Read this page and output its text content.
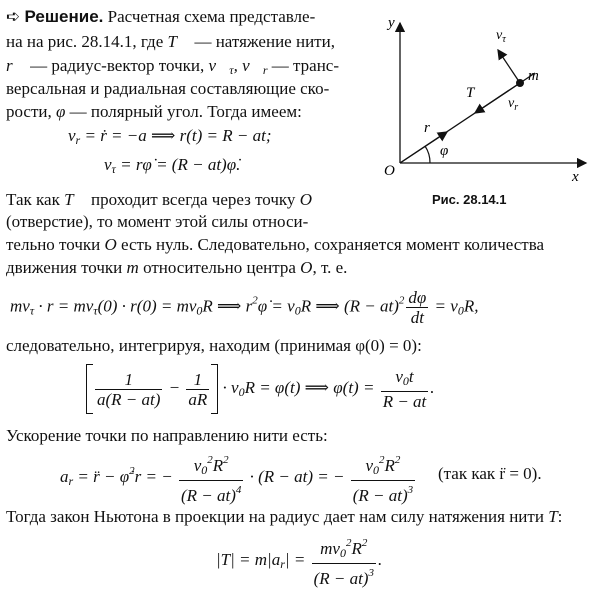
➪ Решение. Расчетная схема представле-
на на рис. 28.14.1, где T⃗ — натяжение нити,
r⃗ — радиус-вектор точки, $v⃗_\tau$, $v⃗_r$ — транс-
версальная и радиальная составляющие ско-
рости, φ — полярный угол. Тогда имеем:
$v_r$ = ṙ = −a ⟹ r(t) = R − at;
$v_\tau$ = rφ̇ = (R − at)φ̇.
y
x
O
m
$v_\tau$
$v_r$
T
r
φ
Рис. 28.14.1
Так как T⃗ проходит всегда через точку O
(отверстие), то момент этой силы относи-
тельно точки O есть нуль. Следовательно, сохраняется момент количества
движения точки m относительно центра O, т. е.
$mv_\tau \cdot r = mv_\tau(0) \cdot r(0) = mv_0R$ ⟹ $r^2\varphi̇ = v_0R$ ⟹ $(R - at)^2 \frac{d\varphi}{dt} = v_0R$,
следовательно, интегрируя, находим (принимая φ(0) = 0):
$\frac{1}{a(R - at)} - \frac{1}{aR} \cdot v_0R = \varphi(t)$ ⟹ $\varphi(t) = \frac{v_0t}{R - at}$ .
Ускорение точки по направлению нити есть:
$a_r$ = r̈ − φ̇$^2$r = − $\frac{v_0^2R^2}{(R - at)^4} \cdot (R - at)$ = − $\frac{v_0^2R^2}{(R - at)^3} (так$ как r̈ = 0).
Тогда закон Ньютона в проекции на радиус дает нам силу натяжения нити T:
$|T| = m|a_r| = \frac{mv_0^2R^2}{(R - at)^3}$ .
